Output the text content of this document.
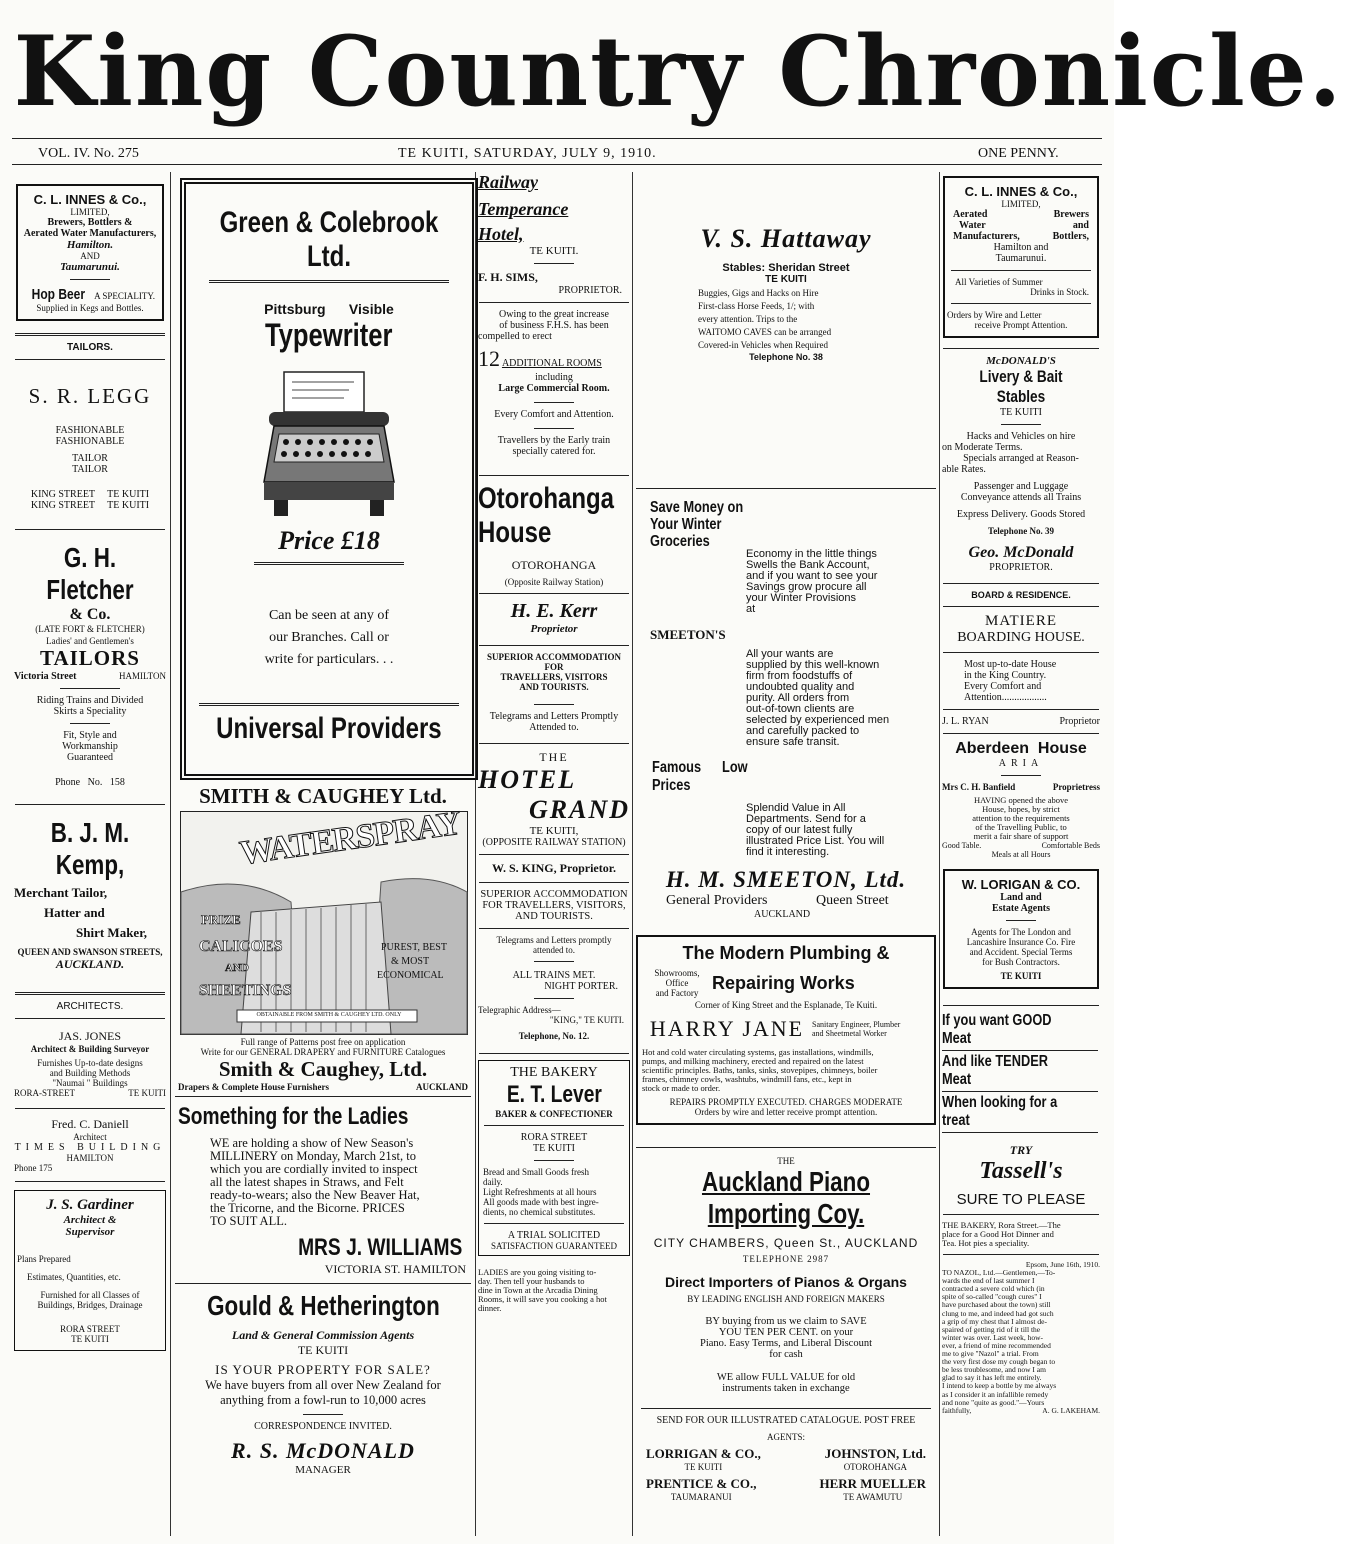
King Country Chronicle.
VOL. IV. No. 275	TE KUITI, SATURDAY, JULY 9, 1910.	ONE PENNY.

C. L. INNES & Co.,

LIMITED,

Brewers, Bottlers &

Aerated Water Manufacturers,

Hamilton.

AND

Taumarunui.

Hop Beer A SPECIALITY.

Supplied in Kegs and Bottles.

TAILORS.

S. R. LEGG

FASHIONABLE

FASHIONABLE

TAILOR

TAILOR

KING STREET     TE KUITI

KING STREET     TE KUITI

G. H. Fletcher

& Co.

(LATE FORT & FLETCHER)

Ladies' and Gentlemen's

TAILORS

Victoria Street	HAMILTON

Riding Trains and Divided

Skirts a Speciality

Fit, Style and

Workmanship

Guaranteed

Phone   No.   158

B. J. M. Kemp,

Merchant Tailor,

Hatter and

Shirt Maker,

QUEEN AND SWANSON STREETS,

AUCKLAND.

ARCHITECTS.

JAS. JONES

Architect & Building Surveyor

Furnishes Up-to-date designs

and Building Methods

"Naumai " Buildings

RORA-STREET	TE KUITI

Fred. C. Daniell

Architect

TIMES BUILDING

HAMILTON

Phone 175

J. S. Gardiner

Architect &

Supervisor

Plans Prepared

Estimates, Quantities, etc.

Furnished for all Classes of

Buildings, Bridges, Drainage

RORA STREET

TE KUITI

Green & Colebrook Ltd.

Pittsburg      Visible

Typewriter

Price £18

Can be seen at any of

our Branches. Call or

write for particulars. . .

Universal Providers

SMITH & CAUGHEY Ltd.

WATERSPRAY
PRIZE
CALICOES
AND
SHEETINGS
PUREST, BEST
& MOST
ECONOMICAL
OBTAINABLE FROM SMITH & CAUGHEY LTD. ONLY

Full range of Patterns post free on application

Write for our GENERAL DRAPERY and FURNITURE Catalogues

Smith & Caughey, Ltd.

Drapers & Complete House Furnishers	AUCKLAND

Something for the Ladies

WE are holding a show of New Season's

MILLINERY on Monday, March 21st, to

which you are cordially invited to inspect

all the latest shapes in Straws, and Felt

ready-to-wears; also the New Beaver Hat,

the Tricorne, and the Bicorne. PRICES

TO SUIT ALL.

MRS J. WILLIAMS

VICTORIA ST. HAMILTON

Gould & Hetherington

Land & General Commission Agents

TE KUITI

IS YOUR PROPERTY FOR SALE?

We have buyers from all over New Zealand for

anything from a fowl-run to 10,000 acres

CORRESPONDENCE INVITED.

R. S. McDONALD

MANAGER

Railway

Temperance

Hotel,

TE KUITI.

F. H. SIMS,

PROPRIETOR.

Owing to the great increase

of business F.H.S. has been

compelled to erect

12 ADDITIONAL ROOMS

including

Large Commercial Room.

Every Comfort and Attention.

Travellers by the Early train

specially catered for.

Otorohanga

House

OTOROHANGA

(Opposite Railway Station)

H. E. Kerr

Proprietor

SUPERIOR ACCOMMODATION FOR

TRAVELLERS, VISITORS

AND TOURISTS.

Telegrams and Letters Promptly

Attended to.

THE

HOTEL

GRAND

TE KUITI,

(OPPOSITE RAILWAY STATION)

W. S. KING, Proprietor.

SUPERIOR ACCOMMODATION

FOR TRAVELLERS, VISITORS,

AND TOURISTS.

Telegrams and Letters promptly

attended to.

ALL TRAINS MET.

NIGHT PORTER.

Telegraphic Address—

"KING," TE KUITI.

Telephone, No. 12.

THE BAKERY

E. T. Lever

BAKER & CONFECTIONER

RORA STREET

TE KUITI

Bread and Small Goods fresh

daily.

Light Refreshments at all hours

All goods made with best ingre-

dients, no chemical substitutes.

A TRIAL SOLICITED

SATISFACTION GUARANTEED

LADIES are you going visiting to-

day. Then tell your husbands to

dine in Town at the Arcadia Dining

Rooms, it will save you cooking a hot

dinner.

V. S. Hattaway

Stables: Sheridan Street

TE KUITI

Buggies, Gigs and Hacks on Hire

First-class Horse Feeds, 1/; with

every attention. Trips to the

WAITOMO CAVES can be arranged

Covered-in Vehicles when Required

Telephone No. 38

Save Money on

Your Winter

Groceries

Economy in the little things

Swells the Bank Account,

and if you want to see your

Savings grow procure all

your Winter Provisions

at

SMEETON'S

All your wants are

supplied by this well-known

firm from foodstuffs of

undoubted quality and

purity. All orders from

out-of-town clients are

selected by experienced men

and carefully packed to

ensure safe transit.

Famous Low

Prices

Splendid Value in All

Departments. Send for a

copy of our latest fully

illustrated Price List. You will

find it interesting.

H. M. SMEETON, Ltd.

General Providers	Queen Street

AUCKLAND

The Modern Plumbing &

Showrooms, Office

and Factory

Repairing Works

Corner of King Street and the Esplanade, Te Kuiti.

HARRY JANE Sanitary Engineer, Plumber

and Sheetmetal Worker

Hot and cold water circulating systems, gas installations, windmills,

pumps, and milking machinery, erected and repaired on the latest

scientific principles. Baths, tanks, sinks, stovepipes, chimneys, boiler

frames, chimney cowls, washtubs, windmill fans, etc., kept in

stock or made to order.

REPAIRS PROMPTLY EXECUTED. CHARGES MODERATE

Orders by wire and letter receive prompt attention.

THE

Auckland Piano Importing Coy.

CITY CHAMBERS, Queen St., AUCKLAND

TELEPHONE 2987

Direct Importers of Pianos & Organs

BY LEADING ENGLISH AND FOREIGN MAKERS

BY buying from us we claim to SAVE

YOU TEN PER CENT. on your

Piano. Easy Terms, and Liberal Discount

for cash

WE allow FULL VALUE for old

instruments taken in exchange

SEND FOR OUR ILLUSTRATED CATALOGUE. POST FREE

AGENTS:

LORRIGAN & CO.,

TE KUITI

JOHNSTON, Ltd.

OTOROHANGA

PRENTICE & CO.,

TAUMARANUI

HERR MUELLER

TE AWAMUTU

C. L. INNES & Co.,

LIMITED,

Aerated	Brewers

Water	and

Manufacturers,	Bottlers,

Hamilton and

Taumarunui.

All Varieties of Summer

Drinks in Stock.

Orders by Wire and Letter

receive Prompt Attention.

McDONALD'S

Livery & Bait Stables

TE KUITI

Hacks and Vehicles on hire

on Moderate Terms.

Specials arranged at Reason-

able Rates.

Passenger and Luggage

Conveyance attends all Trains

Express Delivery. Goods Stored

Telephone No. 39

Geo. McDonald

PROPRIETOR.

BOARD & RESIDENCE.

MATIERE

BOARDING HOUSE.

Most up-to-date House

in the King Country.

Every Comfort and

Attention..................

J. L. RYAN	Proprietor

Aberdeen  House

ARIA

Mrs C. H. Banfield	Proprietress

HAVING opened the above

House, hopes, by strict

attention to the requirements

of the Travelling Public, to

merit a fair share of support

Good Table.	Comfortable Beds

Meals at all Hours

W. LORIGAN & CO.

Land and

Estate Agents

Agents for The London and

Lancashire Insurance Co. Fire

and Accident. Special Terms

for Bush Contractors.

TE KUITI

If you want GOOD Meat

And like TENDER Meat

When looking for a treat

TRY

Tassell's

SURE TO PLEASE

THE BAKERY, Rora Street.—The

place for a Good Hot Dinner and

Tea. Hot pies a speciality.

Epsom, June 16th, 1910.

TO NAZOL, Ltd.—Gentlemen,—To-

wards the end of last summer I

contracted a severe cold which (in

spite of so-called "cough cures" I

have purchased about the town) still

clung to me, and indeed had got such

a grip of my chest that I almost de-

spaired of getting rid of it till the

winter was over. Last week, how-

ever, a friend of mine recommended

me to give "Nazol" a trial. From

the very first dose my cough began to

be less troublesome, and now I am

glad to say it has left me entirely.

I intend to keep a bottle by me always

as I consider it an infallible remedy

and none "quite as good."—Yours

faithfully,	A. G. LAKEHAM.
